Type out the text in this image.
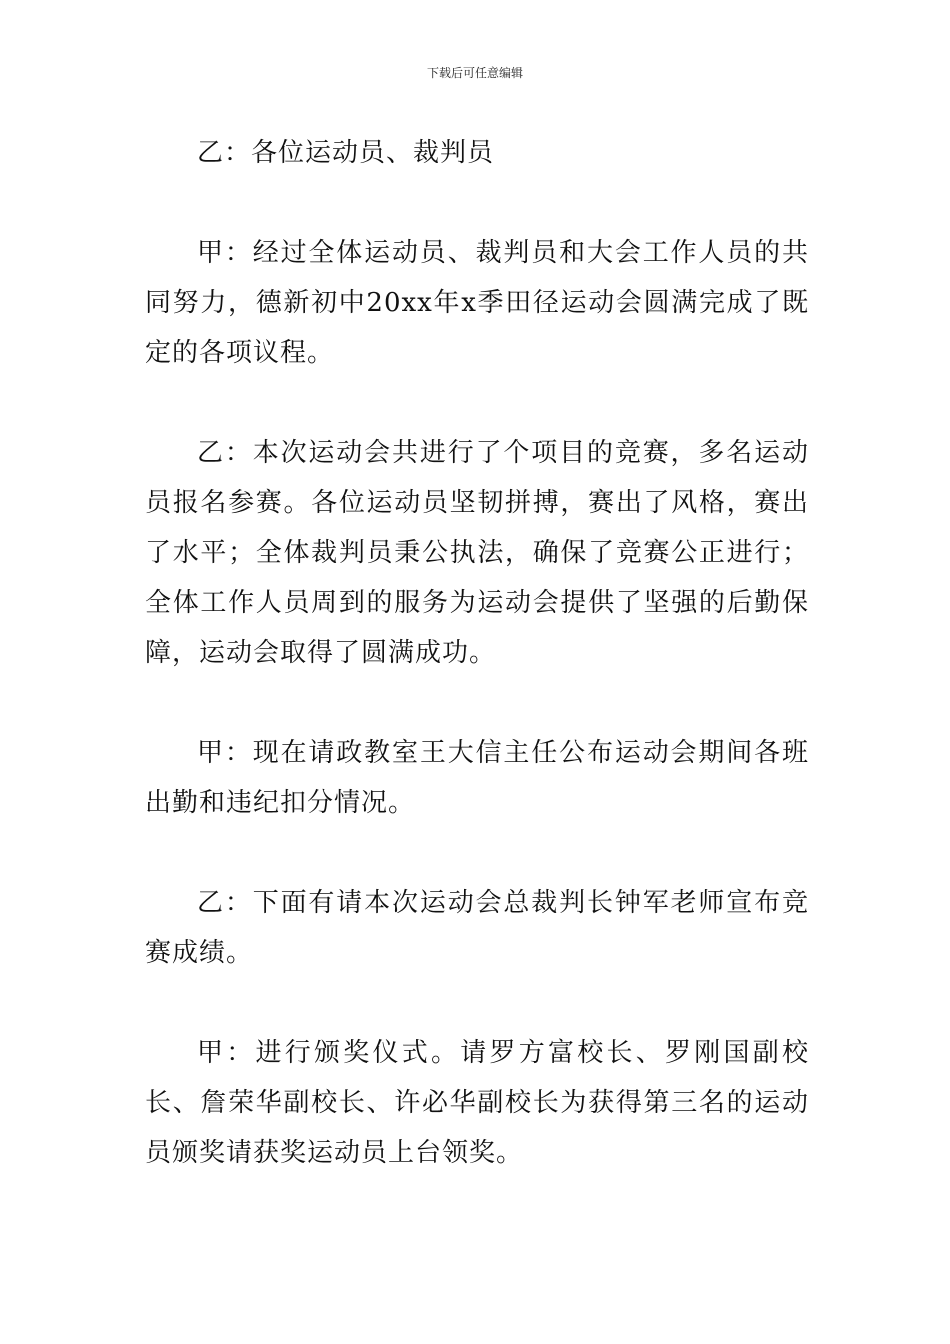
下载后可任意编辑

乙：各位运动员、裁判员

甲：经过全体运动员、裁判员和大会工作人员的共同努力，德新初中20xx年x季田径运动会圆满完成了既定的各项议程。

乙：本次运动会共进行了个项目的竞赛，多名运动员报名参赛。各位运动员坚韧拼搏，赛出了风格，赛出了水平；全体裁判员秉公执法，确保了竞赛公正进行；全体工作人员周到的服务为运动会提供了坚强的后勤保障，运动会取得了圆满成功。

甲：现在请政教室王大信主任公布运动会期间各班出勤和违纪扣分情况。

乙：下面有请本次运动会总裁判长钟军老师宣布竞赛成绩。

甲：进行颁奖仪式。请罗方富校长、罗刚国副校长、詹荣华副校长、许必华副校长为获得第三名的运动员颁奖请获奖运动员上台领奖。
